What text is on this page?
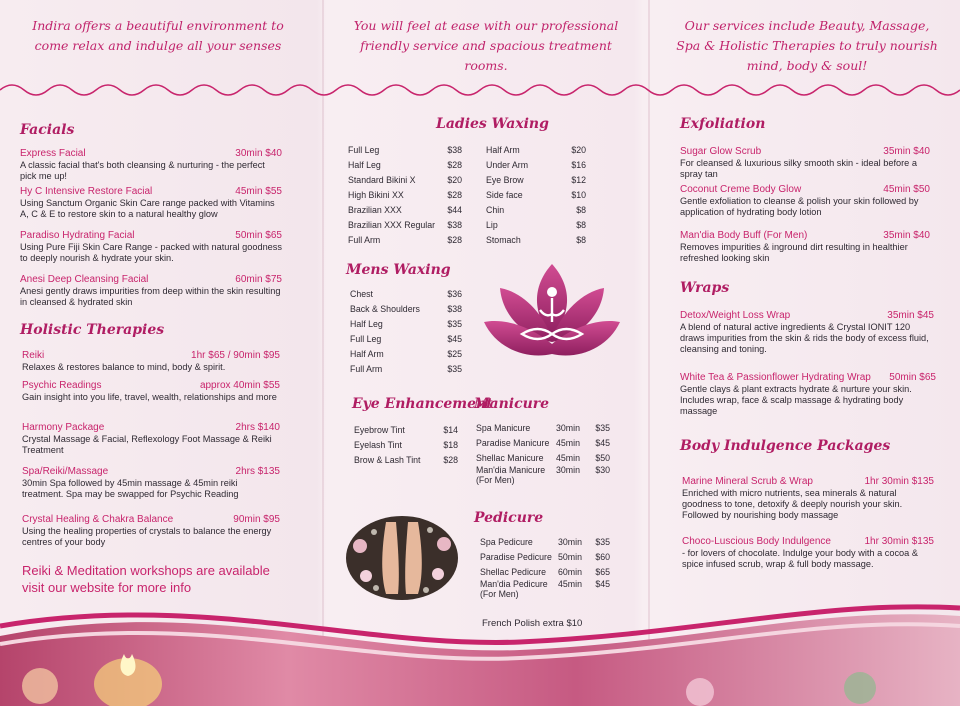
Indira offers a beautiful environment to come relax and indulge all your senses
You will feel at ease with our professional friendly service and spacious treatment rooms.
Our services include Beauty, Massage, Spa & Holistic Therapies to truly nourish mind, body & soul!
Facials
Express Facial	30min $40
A classic facial that's both cleansing & nurturing - the perfect pick me up!
Hy C Intensive Restore Facial	45min $55
Using Sanctum Organic Skin Care range packed with Vitamins A, C & E to restore skin to a natural healthy glow
Paradiso Hydrating Facial	50min $65
Using Pure Fiji Skin Care Range - packed with natural goodness to deeply nourish & hydrate your skin.
Anesi Deep Cleansing Facial	60min $75
Anesi gently draws impurities from deep within the skin resulting in cleansed & hydrated skin
Holistic Therapies
Reiki	1hr $65 / 90min $95
Relaxes & restores balance to mind, body & spirit.
Psychic Readings	approx 40min $55
Gain insight into you life, travel, wealth, relationships and more
Harmony Package	2hrs $140
Crystal Massage & Facial, Reflexology Foot Massage & Reiki Treatment
Spa/Reiki/Massage	2hrs $135
30min Spa followed by 45min massage & 45min reiki treatment. Spa may be swapped for Psychic Reading
Crystal Healing & Chakra Balance	90min $95
Using the healing properties of crystals to balance the energy centres of your body
Reiki & Meditation workshops are available visit our website for more info
Ladies Waxing
Full Leg	$38
Half Leg	$28
Standard Bikini X	$20
High Bikini XX	$28
Brazilian XXX	$44
Brazilian XXX Regular	$38
Full Arm	$28
Half Arm	$20
Under Arm	$16
Eye Brow	$12
Side face	$10
Chin	$8
Lip	$8
Stomach	$8
Mens Waxing
Chest	$36
Back & Shoulders	$38
Half Leg	$35
Full Leg	$45
Half Arm	$25
Full Arm	$35
Eye Enhancement
Eyebrow Tint	$14
Eyelash Tint	$18
Brow & Lash Tint	$28
Manicure
Spa Manicure	30min	$35
Paradise Manicure	45min	$45
Shellac Manicure	45min	$50
Man'dia Manicure (For Men)	30min	$30
Pedicure
Spa Pedicure	30min	$35
Paradise Pedicure	50min	$60
Shellac Pedicure	60min	$65
Man'dia Pedicure (For Men)	45min	$45
French Polish extra $10
Exfoliation
Sugar Glow Scrub	35min $40
For cleansed & luxurious silky smooth skin - ideal before a spray tan
Coconut Creme Body Glow	45min $50
Gentle exfoliation to cleanse & polish your skin followed by application of hydrating body lotion
Man'dia Body Buff (For Men)	35min $40
Removes impurities & inground dirt resulting in healthier refreshed looking skin
Wraps
Detox/Weight Loss Wrap	35min $45
A blend of natural active ingredients & Crystal IONIT 120 draws impurities from the skin & rids the body of excess fluid, cleansing and toning.
White Tea & Passionflower Hydrating Wrap 50min $65
Gentle clays & plant extracts hydrate & nurture your skin. Includes wrap, face & scalp massage & hydrating body massage
Body Indulgence Packages
Marine Mineral Scrub & Wrap	1hr 30min $135
Enriched with micro nutrients, sea minerals & natural goodness to tone, detoxify & deeply nourish your skin. Followed by nourishing body massage
Choco-Luscious Body Indulgence	1hr 30min $135
- for lovers of chocolate. Indulge your body with a cocoa & spice infused scrub, wrap & full body massage.
